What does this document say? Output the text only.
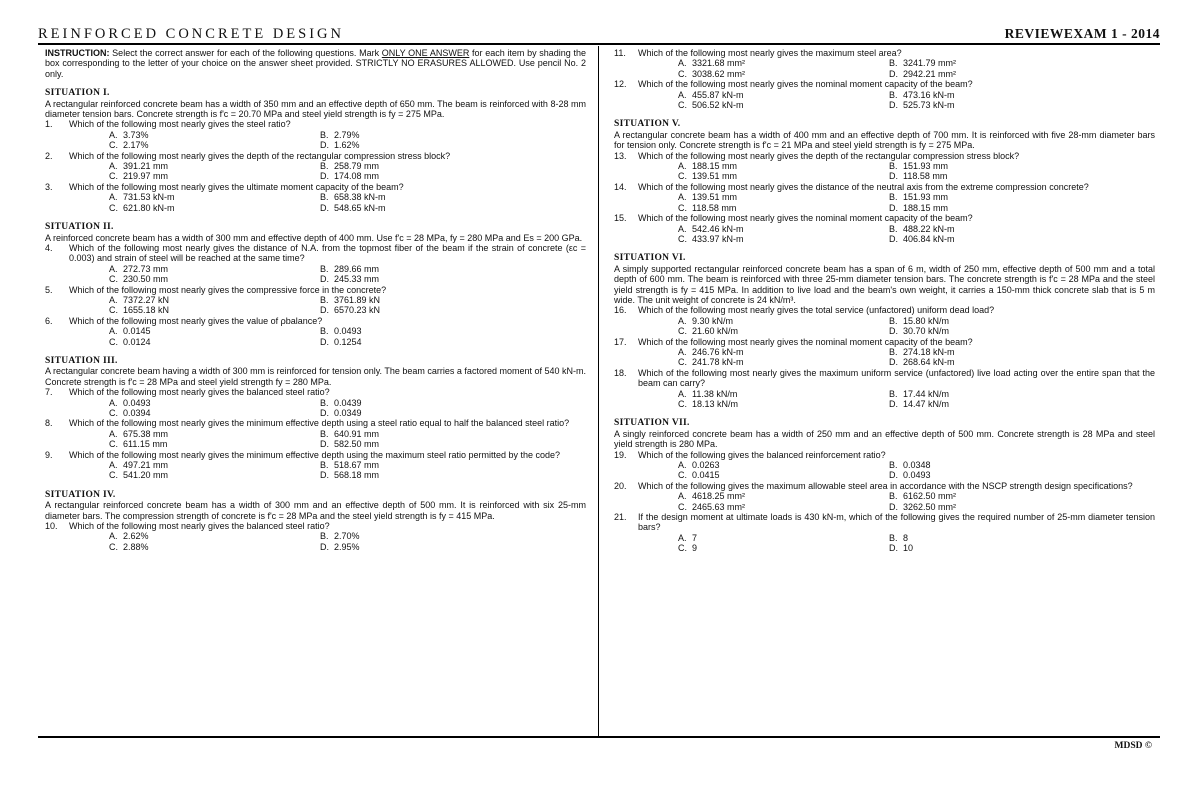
REINFORCED CONCRETE DESIGN	REVIEWEXAM 1 - 2014
INSTRUCTION: Select the correct answer for each of the following questions. Mark ONLY ONE ANSWER for each item by shading the box corresponding to the letter of your choice on the answer sheet provided. STRICTLY NO ERASURES ALLOWED. Use pencil No. 2 only.
SITUATION I.
A rectangular reinforced concrete beam has a width of 350 mm and an effective depth of 650 mm. The beam is reinforced with 8-28 mm diameter tension bars. Concrete strength is f'c = 20.70 MPa and steel yield strength is fy = 275 MPa.
1.	Which of the following most nearly gives the steel ratio?
A. 3.73%	B. 2.79%
C. 2.17%	D. 1.62%
2.	Which of the following most nearly gives the depth of the rectangular compression stress block?
A. 391.21 mm	B. 258.79 mm
C. 219.97 mm	D. 174.08 mm
3.	Which of the following most nearly gives the ultimate moment capacity of the beam?
A. 731.53 kN-m	B. 658.38 kN-m
C. 621.80 kN-m	D. 548.65 kN-m
SITUATION II.
A reinforced concrete beam has a width of 300 mm and effective depth of 400 mm. Use f'c = 28 MPa, fy = 280 MPa and Es = 200 GPa.
4.	Which of the following most nearly gives the distance of N.A. from the topmost fiber of the beam if the strain of concrete (εc = 0.003) and strain of steel will be reached at the same time?
A. 272.73 mm	B. 289.66 mm
C. 230.50 mm	D. 245.33 mm
5.	Which of the following most nearly gives the compressive force in the concrete?
A. 7372.27 kN	B. 3761.89 kN
C. 1655.18 kN	D. 6570.23 kN
6.	Which of the following most nearly gives the value of ρbalance?
A. 0.0145	B. 0.0493
C. 0.0124	D. 0.1254
SITUATION III.
A rectangular concrete beam having a width of 300 mm is reinforced for tension only. The beam carries a factored moment of 540 kN-m. Concrete strength is f'c = 28 MPa and steel yield strength fy = 280 MPa.
7.	Which of the following most nearly gives the balanced steel ratio?
A. 0.0493	B. 0.0439
C. 0.0394	D. 0.0349
8.	Which of the following most nearly gives the minimum effective depth using a steel ratio equal to half the balanced steel ratio?
A. 675.38 mm	B. 640.91 mm
C. 611.15 mm	D. 582.50 mm
9.	Which of the following most nearly gives the minimum effective depth using the maximum steel ratio permitted by the code?
A. 497.21 mm	B. 518.67 mm
C. 541.20 mm	D. 568.18 mm
SITUATION IV.
A rectangular reinforced concrete beam has a width of 300 mm and an effective depth of 500 mm. It is reinforced with six 25-mm diameter bars. The compression strength of concrete is f'c = 28 MPa and the steel yield strength is fy = 415 MPa.
10.	Which of the following most nearly gives the balanced steel ratio?
A. 2.62%	B. 2.70%
C. 2.88%	D. 2.95%
11.	Which of the following most nearly gives the maximum steel area?
A. 3321.68 mm²	B. 3241.79 mm²
C. 3038.62 mm²	D. 2942.21 mm²
12.	Which of the following most nearly gives the nominal moment capacity of the beam?
A. 455.87 kN-m	B. 473.16 kN-m
C. 506.52 kN-m	D. 525.73 kN-m
SITUATION V.
A rectangular concrete beam has a width of 400 mm and an effective depth of 700 mm. It is reinforced with five 28-mm diameter bars for tension only. Concrete strength is f'c = 21 MPa and steel yield strength is fy = 275 MPa.
13.	Which of the following most nearly gives the depth of the rectangular compression stress block?
A. 188.15 mm	B. 151.93 mm
C. 139.51 mm	D. 118.58 mm
14.	Which of the following most nearly gives the distance of the neutral axis from the extreme compression concrete?
A. 139.51 mm	B. 151.93 mm
C. 118.58 mm	D. 188.15 mm
15.	Which of the following most nearly gives the nominal moment capacity of the beam?
A. 542.46 kN-m	B. 488.22 kN-m
C. 433.97 kN-m	D. 406.84 kN-m
SITUATION VI.
A simply supported rectangular reinforced concrete beam has a span of 6 m, width of 250 mm, effective depth of 500 mm and a total depth of 600 mm. The beam is reinforced with three 25-mm diameter tension bars. The concrete strength is f'c = 28 MPa and the steel yield strength is fy = 415 MPa. In addition to live load and the beam's own weight, it carries a 150-mm thick concrete slab that is 5 m wide. The unit weight of concrete is 24 kN/m³.
16.	Which of the following most nearly gives the total service (unfactored) uniform dead load?
A. 9.30 kN/m	B. 15.80 kN/m
C. 21.60 kN/m	D. 30.70 kN/m
17.	Which of the following most nearly gives the nominal moment capacity of the beam?
A. 246.76 kN-m	B. 274.18 kN-m
C. 241.78 kN-m	D. 268.64 kN-m
18.	Which of the following most nearly gives the maximum uniform service (unfactored) live load acting over the entire span that the beam can carry?
A. 11.38 kN/m	B. 17.44 kN/m
C. 18.13 kN/m	D. 14.47 kN/m
SITUATION VII.
A singly reinforced concrete beam has a width of 250 mm and an effective depth of 500 mm. Concrete strength is 28 MPa and steel yield strength is 280 MPa.
19.	Which of the following gives the balanced reinforcement ratio?
A. 0.0263	B. 0.0348
C. 0.0415	D. 0.0493
20.	Which of the following gives the maximum allowable steel area in accordance with the NSCP strength design specifications?
A. 4618.25 mm²	B. 6162.50 mm²
C. 2465.63 mm²	D. 3262.50 mm²
21.	If the design moment at ultimate loads is 430 kN-m, which of the following gives the required number of 25-mm diameter tension bars?
A. 7	B. 8
C. 9	D. 10
MDSD ©
